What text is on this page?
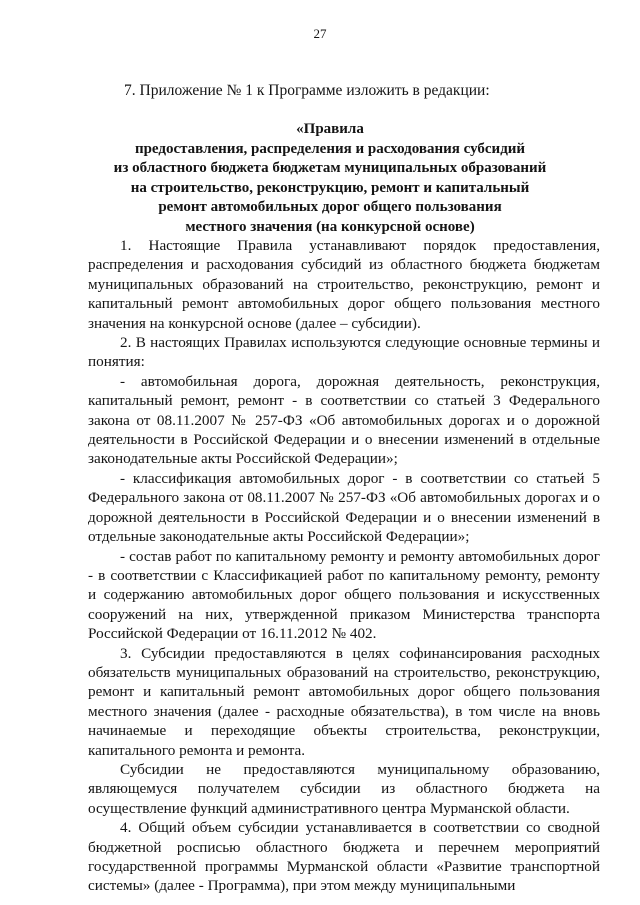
27
7. Приложение № 1 к Программе изложить в редакции:
«Правила
предоставления, распределения и расходования субсидий
из областного бюджета бюджетам муниципальных образований
на строительство, реконструкцию, ремонт и капитальный
ремонт автомобильных дорог общего пользования
местного значения (на конкурсной основе)

1. Настоящие Правила устанавливают порядок предоставления, распределения и расходования субсидий из областного бюджета бюджетам муниципальных образований на строительство, реконструкцию, ремонт и капитальный ремонт автомобильных дорог общего пользования местного значения на конкурсной основе (далее – субсидии).

2. В настоящих Правилах используются следующие основные термины и понятия:

- автомобильная дорога, дорожная деятельность, реконструкция, капитальный ремонт, ремонт - в соответствии со статьей 3 Федерального закона от 08.11.2007 № 257-ФЗ «Об автомобильных дорогах и о дорожной деятельности в Российской Федерации и о внесении изменений в отдельные законодательные акты Российской Федерации»;

- классификация автомобильных дорог - в соответствии со статьей 5 Федерального закона от 08.11.2007 № 257-ФЗ «Об автомобильных дорогах и о дорожной деятельности в Российской Федерации и о внесении изменений в отдельные законодательные акты Российской Федерации»;

- состав работ по капитальному ремонту и ремонту автомобильных дорог - в соответствии с Классификацией работ по капитальному ремонту, ремонту и содержанию автомобильных дорог общего пользования и искусственных сооружений на них, утвержденной приказом Министерства транспорта Российской Федерации от 16.11.2012 № 402.

3. Субсидии предоставляются в целях софинансирования расходных обязательств муниципальных образований на строительство, реконструкцию, ремонт и капитальный ремонт автомобильных дорог общего пользования местного значения (далее - расходные обязательства), в том числе на вновь начинаемые и переходящие объекты строительства, реконструкции, капитального ремонта и ремонта.

Субсидии не предоставляются муниципальному образованию, являющемуся получателем субсидии из областного бюджета на осуществление функций административного центра Мурманской области.

4. Общий объем субсидии устанавливается в соответствии со сводной бюджетной росписью областного бюджета и перечнем мероприятий государственной программы Мурманской области «Развитие транспортной системы» (далее - Программа), при этом между муниципальными
